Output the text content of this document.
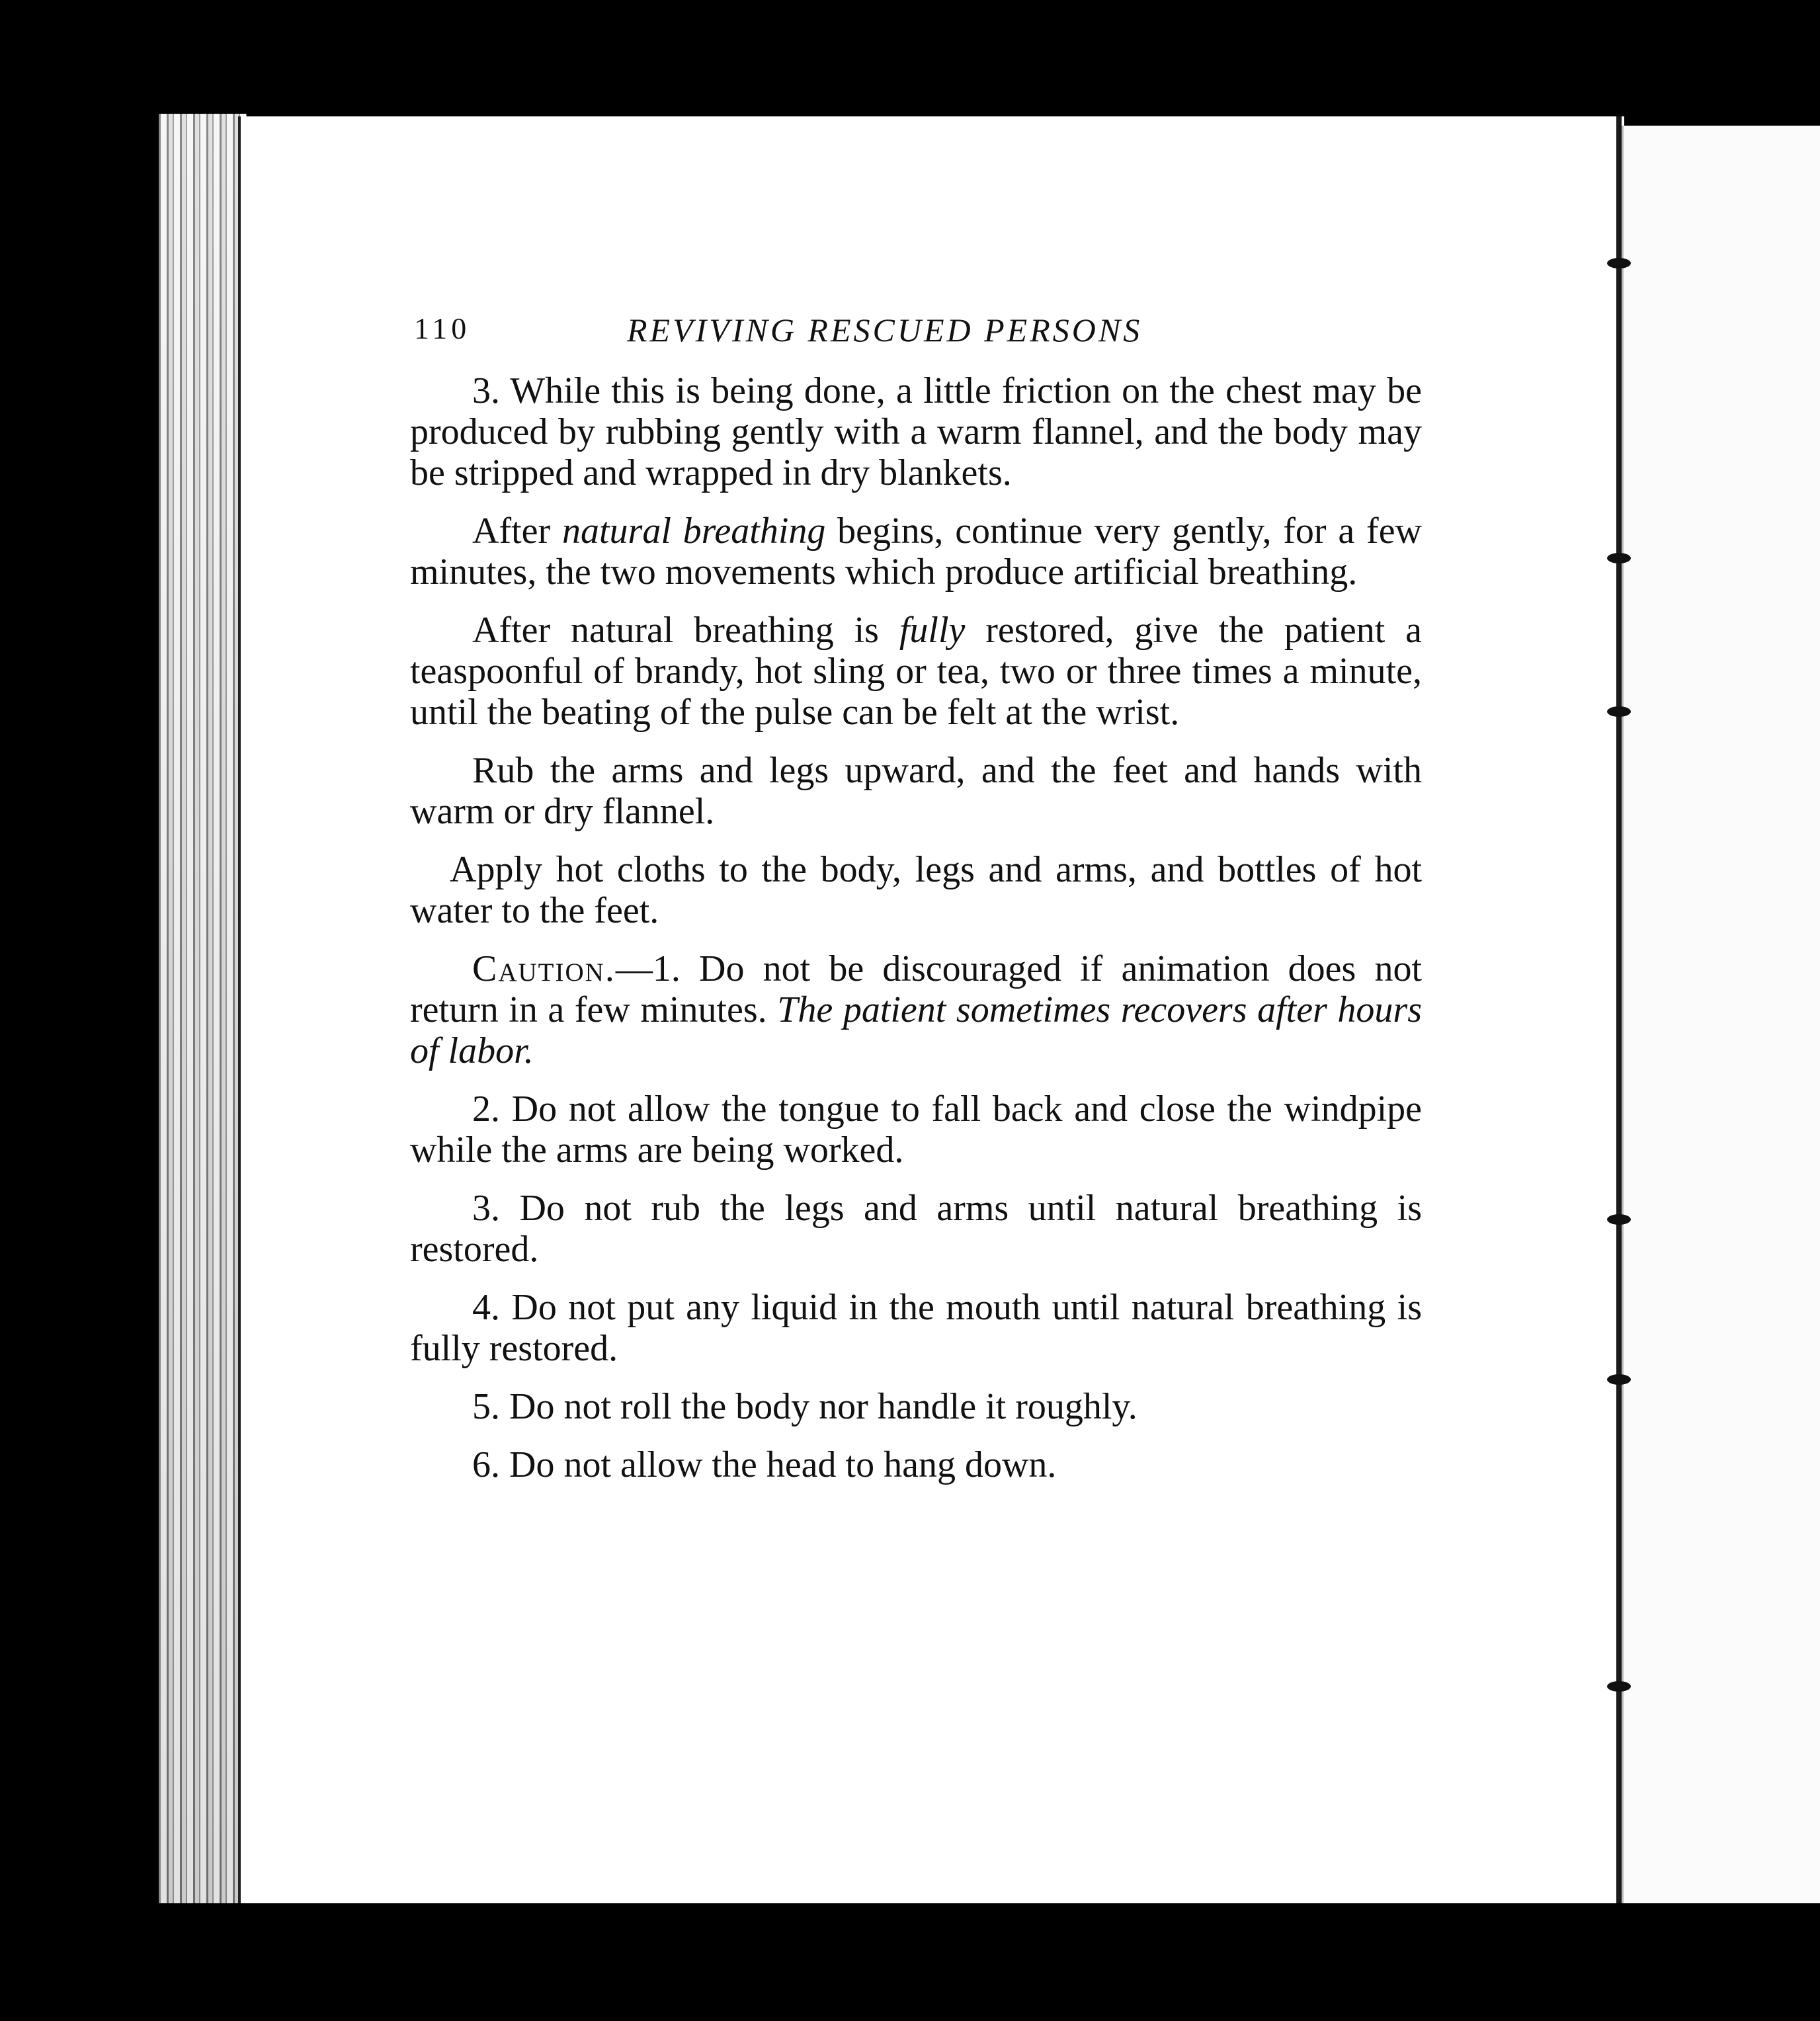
110	REVIVING RESCUED PERSONS

3. While this is being done, a little friction on the chest may be produced by rubbing gently with a warm flannel, and the body may be stripped and wrapped in dry blankets.

After natural breathing begins, continue very gently, for a few minutes, the two movements which produce artificial breathing.

After natural breathing is fully restored, give the patient a teaspoonful of brandy, hot sling or tea, two or three times a minute, until the beating of the pulse can be felt at the wrist.

Rub the arms and legs upward, and the feet and hands with warm or dry flannel.

Apply hot cloths to the body, legs and arms, and bottles of hot water to the feet.

Caution.—1. Do not be discouraged if animation does not return in a few minutes. The patient sometimes recovers after hours of labor.

2. Do not allow the tongue to fall back and close the windpipe while the arms are being worked.
3. Do not rub the legs and arms until natural breathing is restored.
4. Do not put any liquid in the mouth until natural breathing is fully restored.
5. Do not roll the body nor handle it roughly.
6. Do not allow the head to hang down.
